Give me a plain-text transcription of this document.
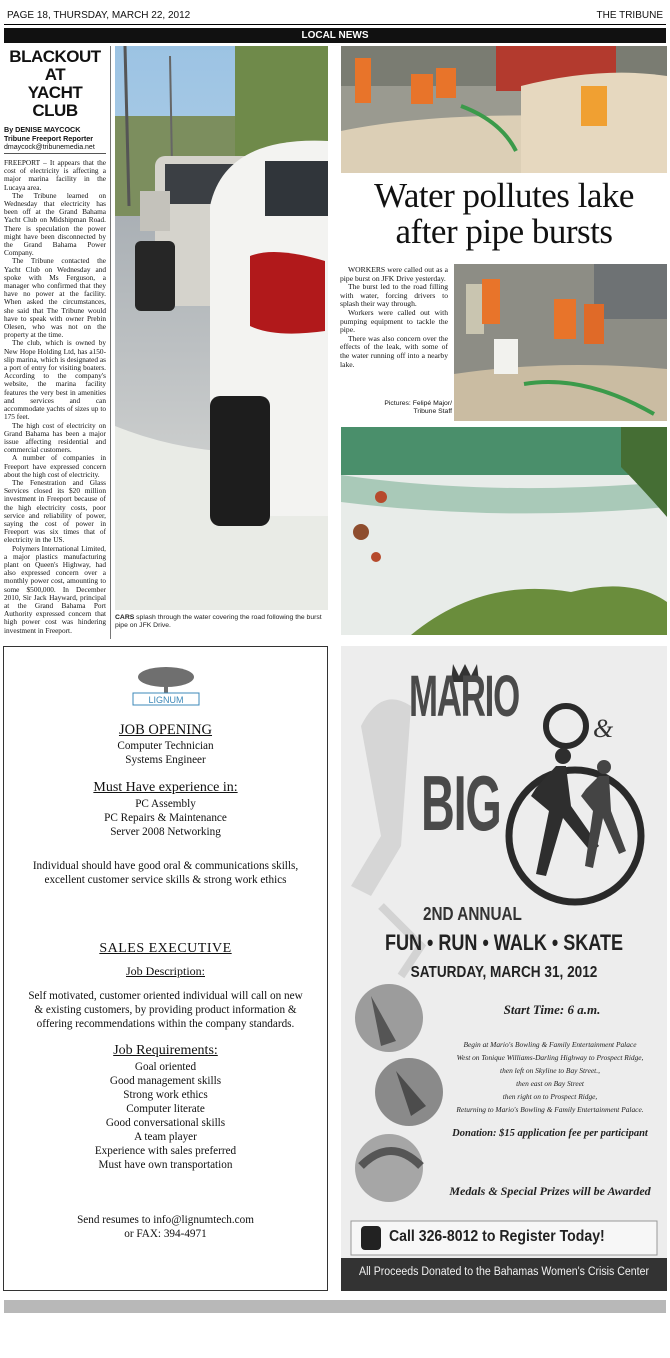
PAGE 18, THURSDAY, MARCH 22, 2012	THE TRIBUNE
LOCAL NEWS
BLACKOUT AT
YACHT CLUB
By DENISE MAYCOCK
Tribune Freeport Reporter
dmaycock@tribunemedia.net

FREEPORT – It appears that the cost of electricity is affecting a major marina facility in the Lucaya area.

The Tribune learned on Wednesday that electricity has been off at the Grand Bahama Yacht Club on Midshipman Road. There is speculation the power might have been disconnected by the Grand Bahama Power Company.

The Tribune contacted the Yacht Club on Wednesday and spoke with Ms Ferguson, a manager who confirmed that they have no power at the facility. When asked the circumstances, she said that The Tribune would have to speak with owner Prebin Olesen, who was not on the property at the time.

The club, which is owned by New Hope Holding Ltd, has a150-slip marina, which is designated as a port of entry for visiting boaters. According to the company's website, the marina facility features the very best in amenities and services and can accommodate yachts of sizes up to 175 feet.

The high cost of electricity on Grand Bahama has been a major issue affecting residential and commercial customers.

A number of companies in Freeport have expressed concern about the high cost of electricity.

The Fenestration and Glass Services closed its $20 million investment in Freeport because of the high electricity costs, poor service and reliability of power, saying the cost of power in Freeport was six times that of electricity in the US.

Polymers International Limited, a major plastics manufacturing plant on Queen's Highway, had also expressed concern over a monthly power cost, amounting to some $500,000. In December 2010, Sir Jack Hayward, principal at the Grand Bahama Port Authority expressed concern that high power cost was hindering investment in Freeport.

CARS splash through the water covering the road following the burst pipe on JFK Drive.
Water pollutes lake
after pipe bursts

WORKERS were called out as a pipe burst on JFK Drive yesterday.

The burst led to the road filling with water, forcing drivers to splash their way through.

Workers were called out with pumping equipment to tackle the pipe.

There was also concern over the effects of the leak, with some of the water running off into a nearby lake.

Pictures: Felipé Major/
Tribune Staff
LIGNUM
JOB OPENING
Computer Technician
Systems Engineer
Must Have experience in:
PC Assembly
PC Repairs & Maintenance
Server 2008 Networking
Individual should have good oral & communications skills,
excellent customer service skills & strong work ethics
SALES EXECUTIVE
Job Description:
Self motivated, customer oriented individual will call on new
& existing customers, by providing product information &
offering recommendations within the company standards.
Job Requirements:
Goal oriented
Good management skills
Strong work ethics
Computer literate
Good conversational skills
A team player
Experience with sales preferred
Must have own transportation
Send resumes to info@lignumtech.com
or FAX: 394-4971
MARIO	&
BIG
2ND ANNUAL
FUN • RUN • WALK • SKATE
SATURDAY, MARCH 31, 2012
Start Time: 6 a.m.
Begin at Mario's Bowling & Family Entertainment Palace
West on Tonique Williams-Darling Highway to Prospect Ridge,
then left on Skyline to Bay Street.,
then east on Bay Street
then right on to Prospect Ridge,
Returning to Mario's Bowling & Family Entertainment Palace.
Donation: $15 application fee per participant
Medals & Special Prizes will be Awarded
Call 326-8012 to Register Today!
All Proceeds Donated to the Bahamas Women's Crisis Center
